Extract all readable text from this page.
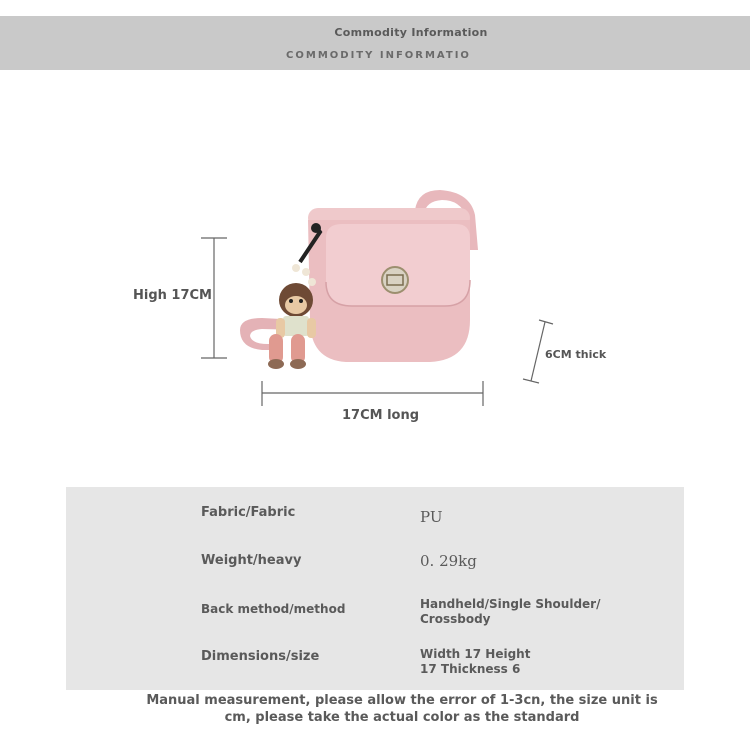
Commodity Information
COMMODITY INFORMATIO
High 17CM
17CM long
6CM thick
Fabric/Fabric	PU
Weight/heavy	0. 29kg
Back method/method	Handheld/Single Shoulder/ Crossbody
Dimensions/size	Width 17 Height 17 Thickness 6
Manual measurement, please allow the error of 1-3cn, the size unit is cm, please take the actual color as the standard
